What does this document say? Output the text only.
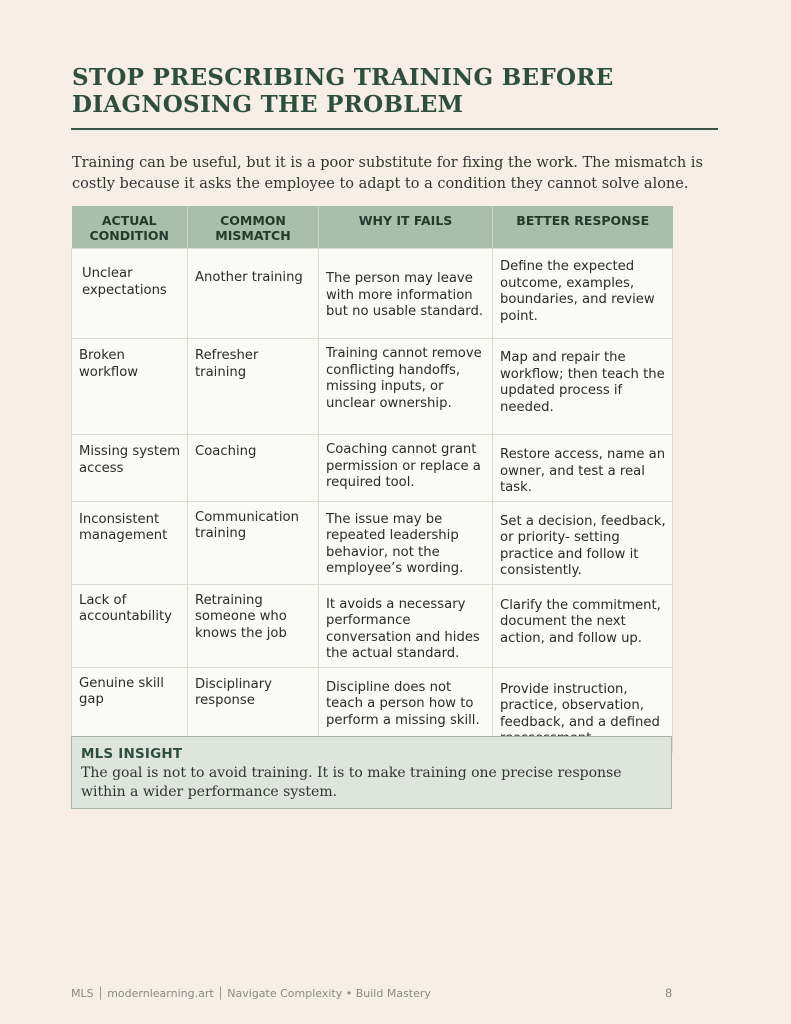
STOP PRESCRIBING TRAINING BEFORE
DIAGNOSING THE PROBLEM

Training can be useful, but it is a poor substitute for fixing the work. The mismatch is costly because it asks the employee to adapt to a condition they cannot solve alone.

ACTUAL CONDITION	COMMON MISMATCH	WHY IT FAILS	BETTER RESPONSE

Unclear expectations	Another training	The person may leave with more information but no usable standard.	Define the expected outcome, examples, boundaries, and review point.

Broken workflow	Refresher training	Training cannot remove conflicting handoffs, missing inputs, or unclear ownership.	Map and repair the workflow; then teach the updated process if needed.

Missing system access	Coaching	Coaching cannot grant permission or replace a required tool.	Restore access, name an owner, and test a real task.

Inconsistent management	Communication training	The issue may be repeated leadership behavior, not the employee’s wording.	Set a decision, feedback, or priority- setting practice and follow it consistently.

Lack of accountability	Retraining someone who knows the job	It avoids a necessary performance conversation and hides the actual standard.	Clarify the commitment, document the next action, and follow up.

Genuine skill gap	Disciplinary response	Discipline does not teach a person how to perform a missing skill.	Provide instruction, practice, observation, feedback, and a defined
MLS INSIGHT
The goal is not to avoid training. It is to make training one precise response within a wider performance system.
MLS │ modernlearning.art │ Navigate Complexity • Build Mastery	8
